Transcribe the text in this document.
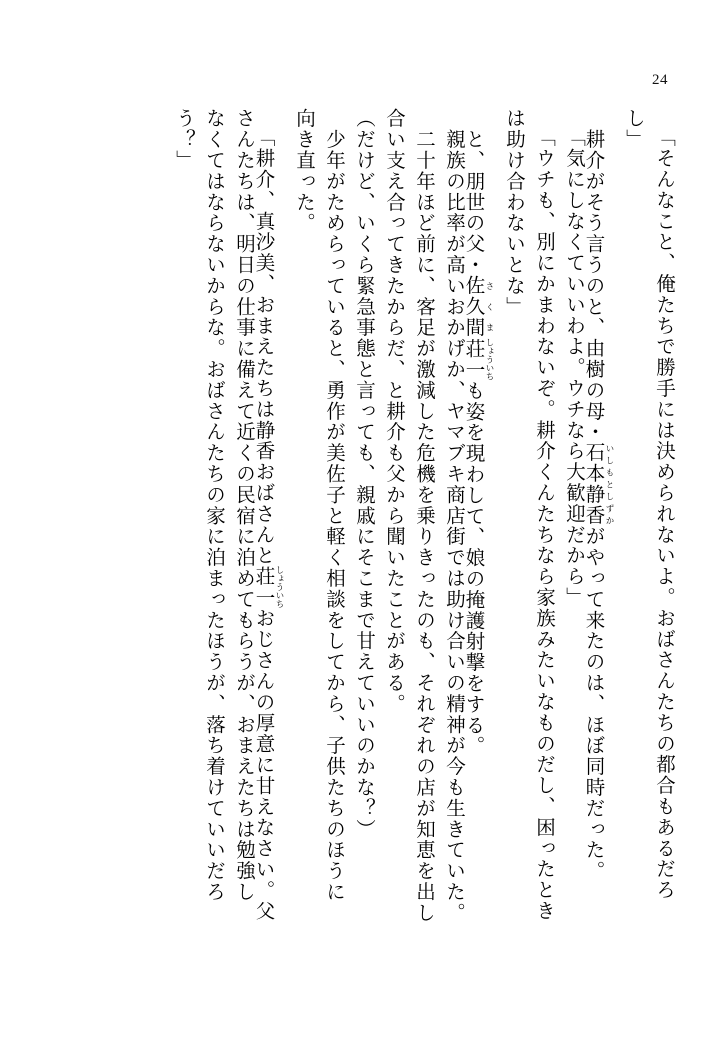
24
「そんなこと、俺たちで勝手には決められないよ。おばさんたちの都合もあるだろ
し」
　耕介がそう言うのと、由樹の母・石本静香いしもとしずかがやって来たのは、ほぼ同時だった。
「気にしなくていいわよ。ウチなら大歓迎だから」
「ウチも、別にかまわないぞ。耕介くんたちなら家族みたいなものだし、困ったとき
は助け合わないとな」
　と、朋世の父・佐久間さくま荘一しょういちも姿を現わして、娘の掩護射撃をする。
　親族の比率が高いおかげか、ヤマブキ商店街では助け合いの精神が今も生きていた。
　二十年ほど前に、客足が激減した危機を乗りきったのも、それぞれの店が知恵を出し
合い支え合ってきたからだ、と耕介も父から聞いたことがある。
（だけど、いくら緊急事態と言っても、親戚にそこまで甘えていいのかな？）
　少年がためらっていると、勇作が美佐子と軽く相談をしてから、子供たちのほうに
向き直った。
「耕介、真沙美、おまえたちは静香おばさんと荘一しょういちおじさんの厚意に甘えなさい。父
さんたちは、明日の仕事に備えて近くの民宿に泊めてもらうが、おまえたちは勉強し
なくてはならないからな。おばさんたちの家に泊まったほうが、落ち着けていいだろ
う？」
